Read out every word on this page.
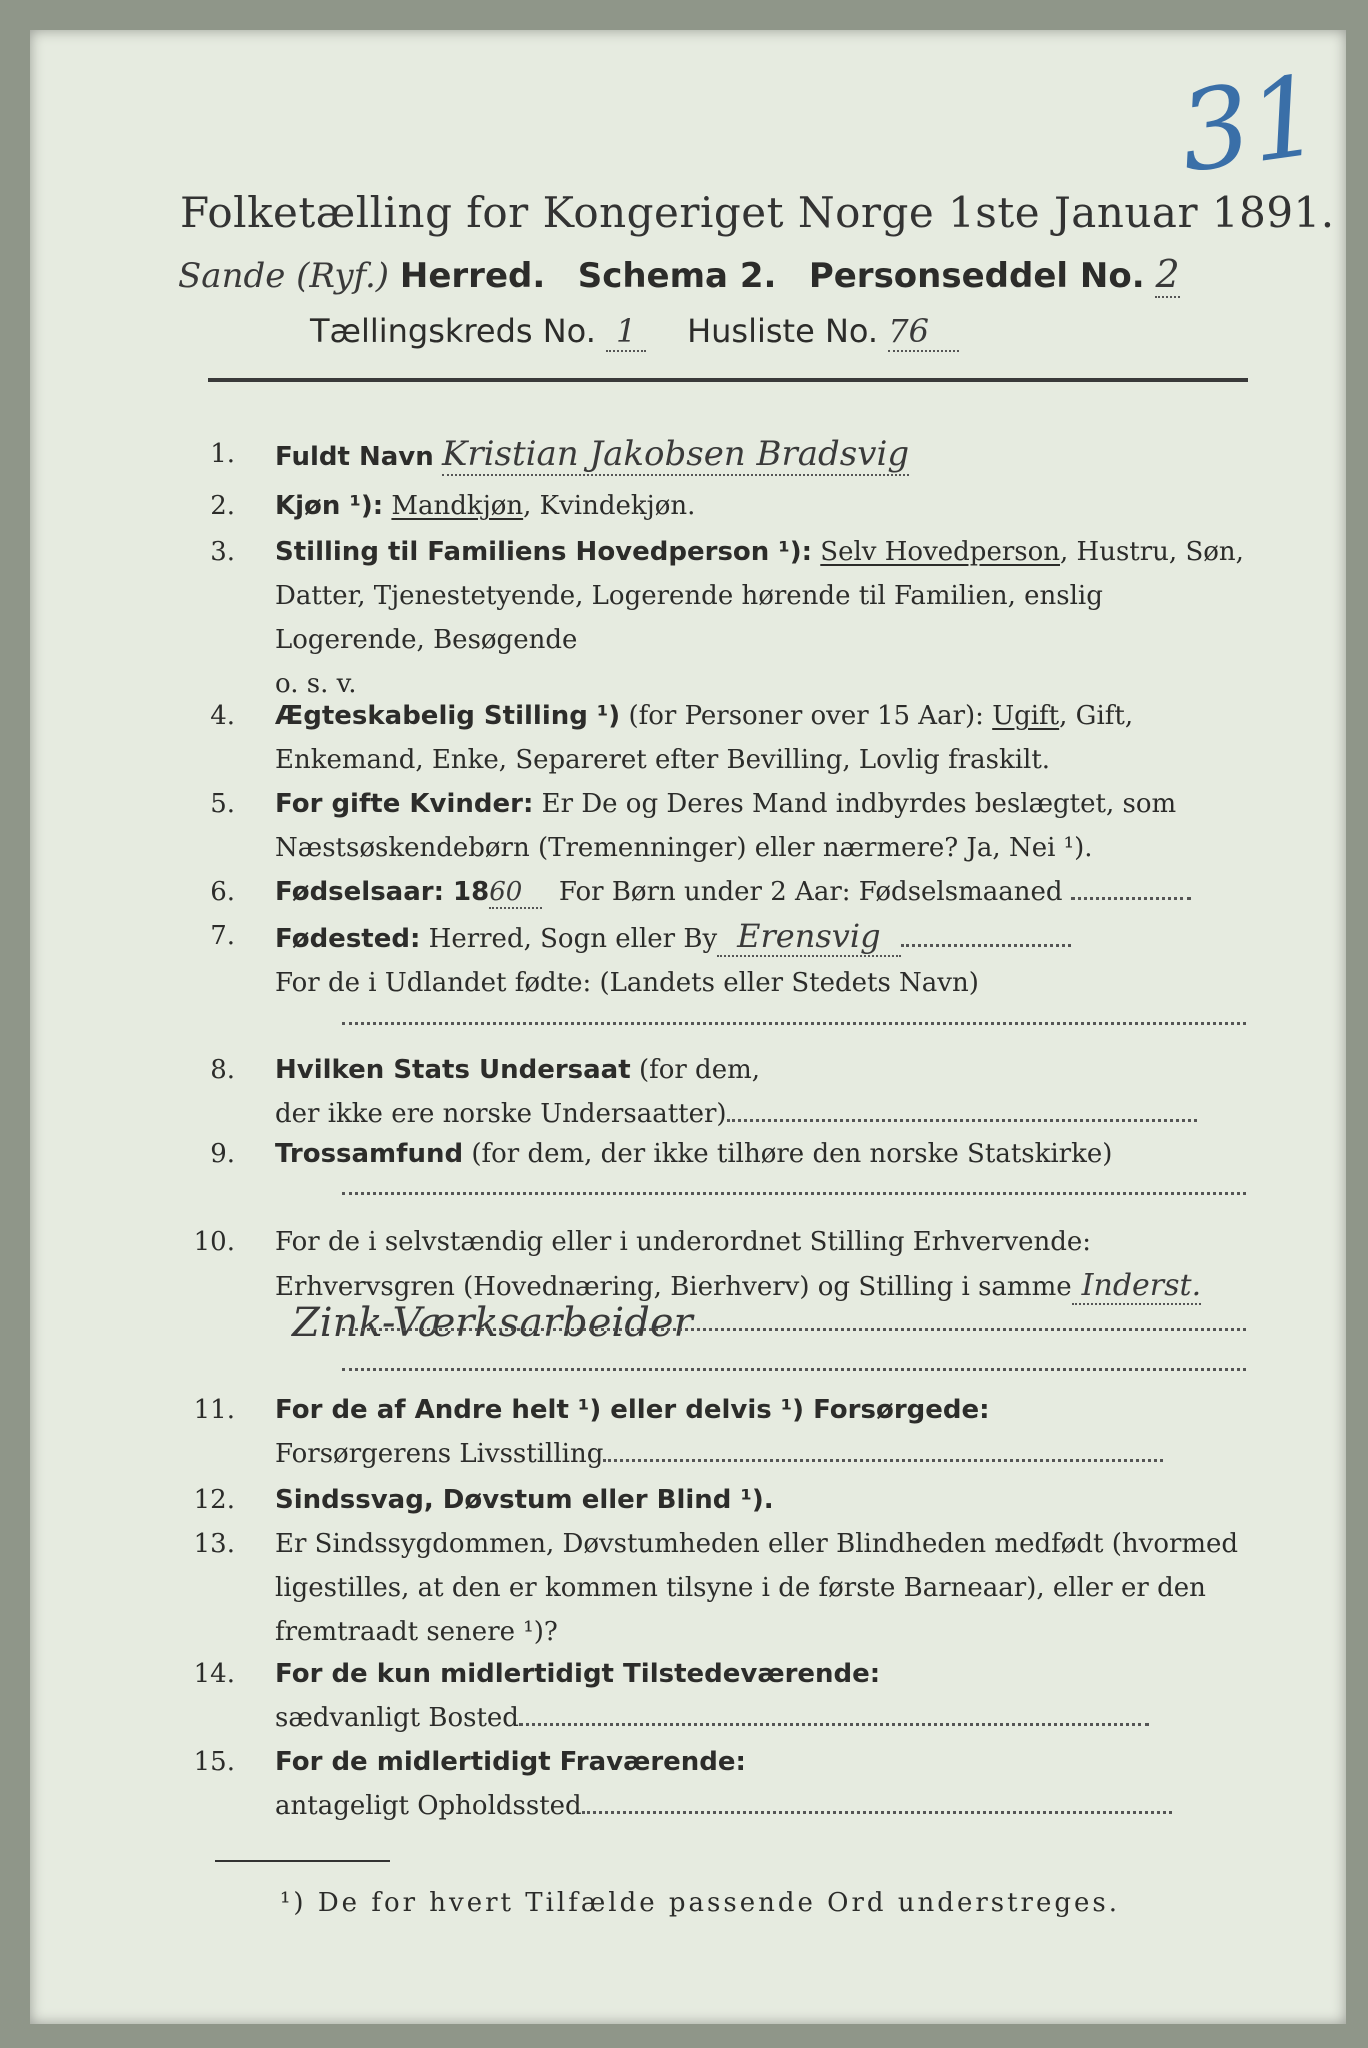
31
Folketælling for Kongeriget Norge 1ste Januar 1891.
Sande (Ryf.) Herred. Schema 2. Personseddel No. 2
Tællingskreds No. 1 Husliste No. 76
1. Fuldt Navn Kristian Jakobsen Bradsvig
2. Kjøn ¹): Mandkjøn, Kvindekjøn.
3. Stilling til Familiens Hovedperson ¹): Selv Hovedperson, Hustru, Søn, Datter, Tjenestetyende, Logerende hørende til Familien, enslig Logerende, Besøgende
o. s. v.
4. Ægteskabelig Stilling ¹) (for Personer over 15 Aar): Ugift, Gift, Enkemand, Enke, Separeret efter Bevilling, Lovlig fraskilt.
5. For gifte Kvinder: Er De og Deres Mand indbyrdes beslægtet, som Næstsøskendebørn (Tremenninger) eller nærmere? Ja, Nei ¹).
6. Fødselsaar: 1860 For Børn under 2 Aar: Fødselsmaaned
7. Fødested: Herred, Sogn eller By Erensvig
For de i Udlandet fødte: (Landets eller Stedets Navn)
8. Hvilken Stats Undersaat (for dem,
der ikke ere norske Undersaatter)
9. Trossamfund (for dem, der ikke tilhøre den norske Statskirke)
10. For de i selvstændig eller i underordnet Stilling Erhvervende: Erhvervsgren (Hovednæring, Bierhverv) og Stilling i samme Inderst.
Zink-Værksarbeider
11. For de af Andre helt ¹) eller delvis ¹) Forsørgede:
Forsørgerens Livsstilling
12. Sindssvag, Døvstum eller Blind ¹).
13. Er Sindssygdommen, Døvstumheden eller Blindheden medfødt (hvormed ligestilles, at den er kommen tilsyne i de første Barneaar), eller er den fremtraadt senere ¹)?
14. For de kun midlertidigt Tilstedeværende:
sædvanligt Bosted
15. For de midlertidigt Fraværende:
antageligt Opholdssted
¹) De for hvert Tilfælde passende Ord understreges.
